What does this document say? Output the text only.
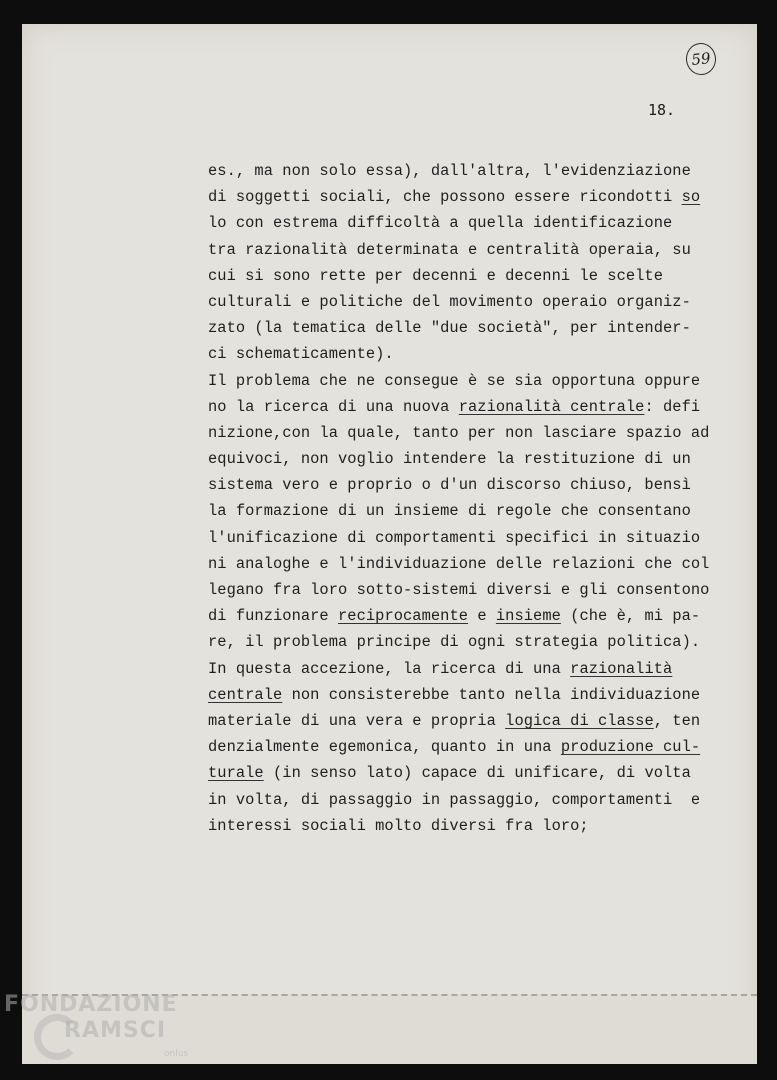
59
18.
es., ma non solo essa), dall'altra, l'evidenziazione
di soggetti sociali, che possono essere ricondotti so
lo con estrema difficoltà a quella identificazione
tra razionalità determinata e centralità operaia, su
cui si sono rette per decenni e decenni le scelte
culturali e politiche del movimento operaio organiz-
zato (la tematica delle "due società", per intender-
ci schematicamente).
Il problema che ne consegue è se sia opportuna oppure
no la ricerca di una nuova razionalità centrale: defi
nizione,con la quale, tanto per non lasciare spazio ad
equivoci, non voglio intendere la restituzione di un
sistema vero e proprio o d'un discorso chiuso, bensì
la formazione di un insieme di regole che consentano
l'unificazione di comportamenti specifici in situazio
ni analoghe e l'individuazione delle relazioni che col
legano fra loro sotto-sistemi diversi e gli consentono
di funzionare reciprocamente e insieme (che è, mi pa-
re, il problema principe di ogni strategia politica).
In questa accezione, la ricerca di una razionalità
centrale non consisterebbe tanto nella individuazione
materiale di una vera e propria logica di classe, ten
denzialmente egemonica, quanto in una produzione cul-
turale (in senso lato) capace di unificare, di volta
in volta, di passaggio in passaggio, comportamenti  e
interessi sociali molto diversi fra loro;
FONDAZIONE
RAMSCI
onlus
